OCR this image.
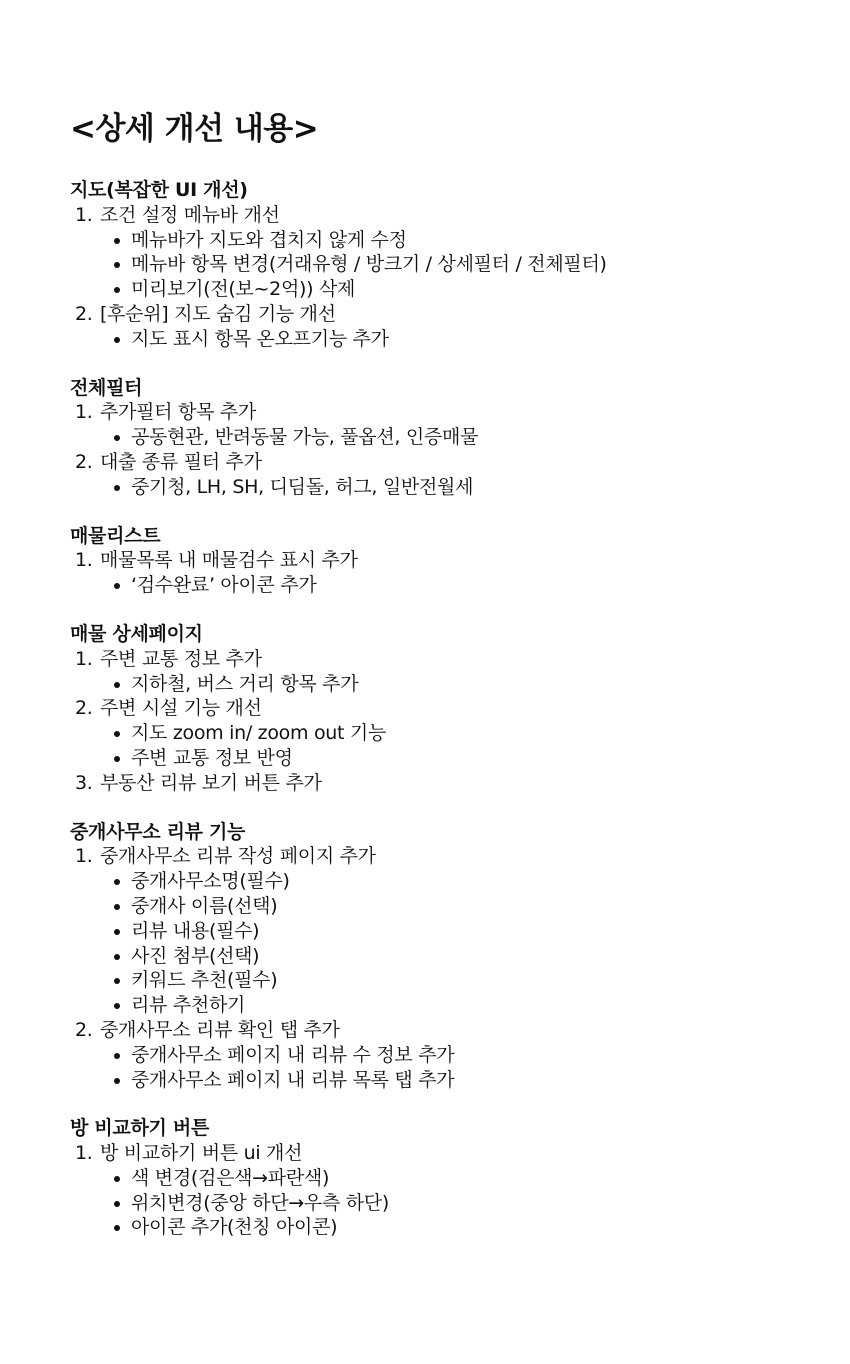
<상세 개선 내용>
지도(복잡한 UI 개선)
조건 설정 메뉴바 개선
메뉴바가 지도와 겹치지 않게 수정
메뉴바 항목 변경(거래유형 / 방크기 / 상세필터 / 전체필터)
미리보기(전(보~2억)) 삭제
[후순위] 지도 숨김 기능 개선
지도 표시 항목 온오프기능 추가
전체필터
추가필터 항목 추가
공동현관, 반려동물 가능, 풀옵션, 인증매물
대출 종류 필터 추가
중기청, LH, SH, 디딤돌, 허그, 일반전월세
매물리스트
매물목록 내 매물검수 표시 추가
‘검수완료’ 아이콘 추가
매물 상세페이지
주변 교통 정보 추가
지하철, 버스 거리 항목 추가
주변 시설 기능 개선
지도 zoom in/ zoom out 기능
주변 교통 정보 반영
부동산 리뷰 보기 버튼 추가
중개사무소 리뷰 기능
중개사무소 리뷰 작성 페이지 추가
중개사무소명(필수)
중개사 이름(선택)
리뷰 내용(필수)
사진 첨부(선택)
키워드 추천(필수)
리뷰 추천하기
중개사무소 리뷰 확인 탭 추가
중개사무소 페이지 내 리뷰 수 정보 추가
중개사무소 페이지 내 리뷰 목록 탭 추가
방 비교하기 버튼
방 비교하기 버튼 ui 개선
색 변경(검은색→파란색)
위치변경(중앙 하단→우측 하단)
아이콘 추가(천칭 아이콘)
